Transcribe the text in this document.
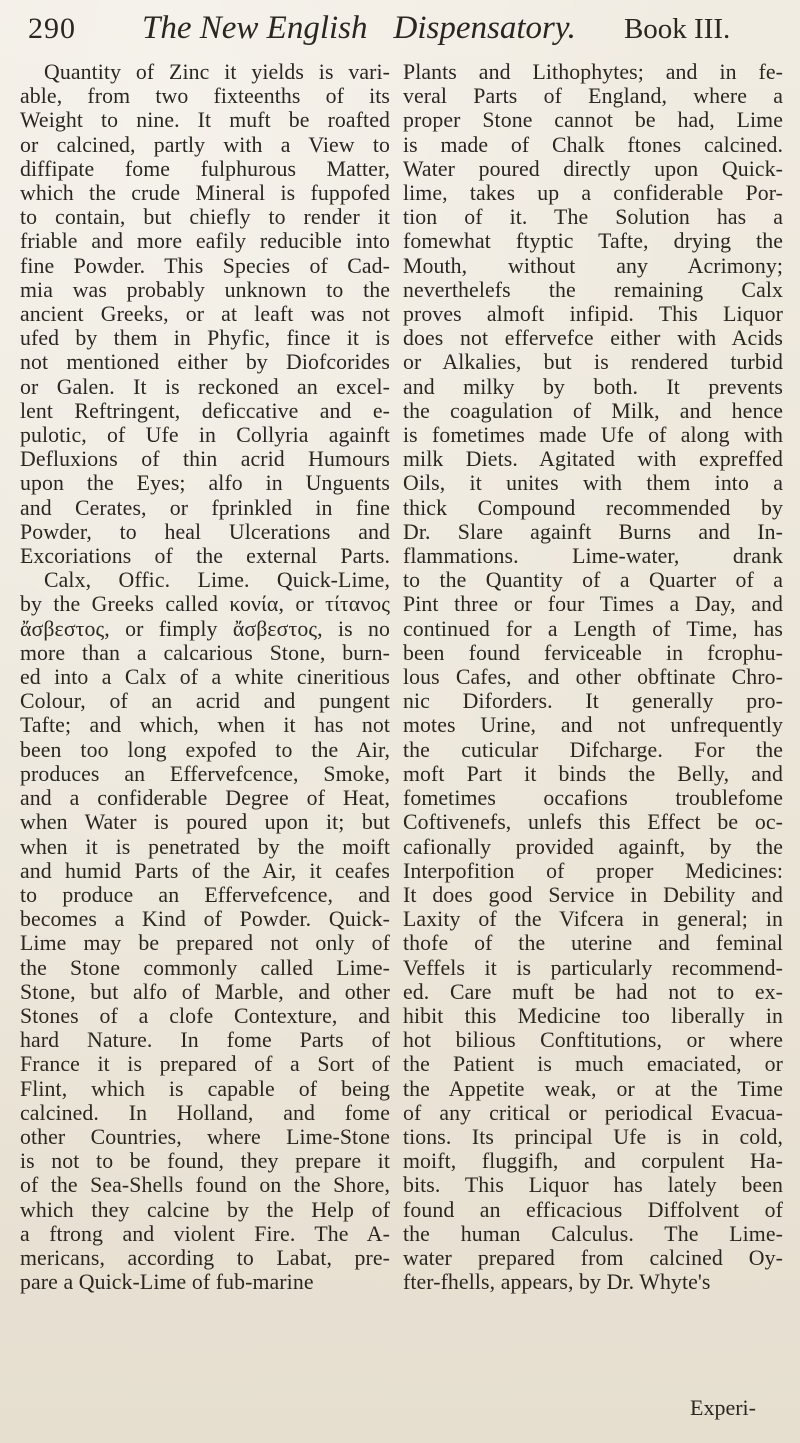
290	The New English Dispensatory. Book III.

Quantity of Zinc it yields is vari-

able, from two fixteenths of its

Weight to nine. It muft be roafted

or calcined, partly with a View to

diffipate fome fulphurous Matter,

which the crude Mineral is fuppofed

to contain, but chiefly to render it

friable and more eafily reducible into

fine Powder. This Species of Cad-

mia was probably unknown to the

ancient Greeks, or at leaft was not

ufed by them in Phyfic, fince it is

not mentioned either by Diofcorides

or Galen. It is reckoned an excel-

lent Reftringent, deficcative and e-

pulotic, of Ufe in Collyria againft

Defluxions of thin acrid Humours

upon the Eyes; alfo in Unguents

and Cerates, or fprinkled in fine

Powder, to heal Ulcerations and

Excoriations of the external Parts.

Calx, Offic. Lime. Quick-Lime,

by the Greeks called κονία, or τίτανος

ἄσβεστος, or fimply ἄσβεστος, is no

more than a calcarious Stone, burn-

ed into a Calx of a white cineritious

Colour, of an acrid and pungent

Tafte; and which, when it has not

been too long expofed to the Air,

produces an Effervefcence, Smoke,

and a confiderable Degree of Heat,

when Water is poured upon it; but

when it is penetrated by the moift

and humid Parts of the Air, it ceafes

to produce an Effervefcence, and

becomes a Kind of Powder. Quick-

Lime may be prepared not only of

the Stone commonly called Lime-

Stone, but alfo of Marble, and other

Stones of a clofe Contexture, and

hard Nature. In fome Parts of

France it is prepared of a Sort of

Flint, which is capable of being

calcined. In Holland, and fome

other Countries, where Lime-Stone

is not to be found, they prepare it

of the Sea-Shells found on the Shore,

which they calcine by the Help of

a ftrong and violent Fire. The A-

mericans, according to Labat, pre-

pare a Quick-Lime of fub-marine

Plants and Lithophytes; and in fe-

veral Parts of England, where a

proper Stone cannot be had, Lime

is made of Chalk ftones calcined.

Water poured directly upon Quick-

lime, takes up a confiderable Por-

tion of it. The Solution has a

fomewhat ftyptic Tafte, drying the

Mouth, without any Acrimony;

neverthelefs the remaining Calx

proves almoft infipid. This Liquor

does not effervefce either with Acids

or Alkalies, but is rendered turbid

and milky by both. It prevents

the coagulation of Milk, and hence

is fometimes made Ufe of along with

milk Diets. Agitated with expreffed

Oils, it unites with them into a

thick Compound recommended by

Dr. Slare againft Burns and In-

flammations. Lime-water, drank

to the Quantity of a Quarter of a

Pint three or four Times a Day, and

continued for a Length of Time, has

been found ferviceable in fcrophu-

lous Cafes, and other obftinate Chro-

nic Diforders. It generally pro-

motes Urine, and not unfrequently

the cuticular Difcharge. For the

moft Part it binds the Belly, and

fometimes occafions troublefome

Coftivenefs, unlefs this Effect be oc-

cafionally provided againft, by the

Interpofition of proper Medicines:

It does good Service in Debility and

Laxity of the Vifcera in general; in

thofe of the uterine and feminal

Veffels it is particularly recommend-

ed. Care muft be had not to ex-

hibit this Medicine too liberally in

hot bilious Conftitutions, or where

the Patient is much emaciated, or

the Appetite weak, or at the Time

of any critical or periodical Evacua-

tions. Its principal Ufe is in cold,

moift, fluggifh, and corpulent Ha-

bits. This Liquor has lately been

found an efficacious Diffolvent of

the human Calculus. The Lime-

water prepared from calcined Oy-

fter-fhells, appears, by Dr. Whyte's

Experi-
